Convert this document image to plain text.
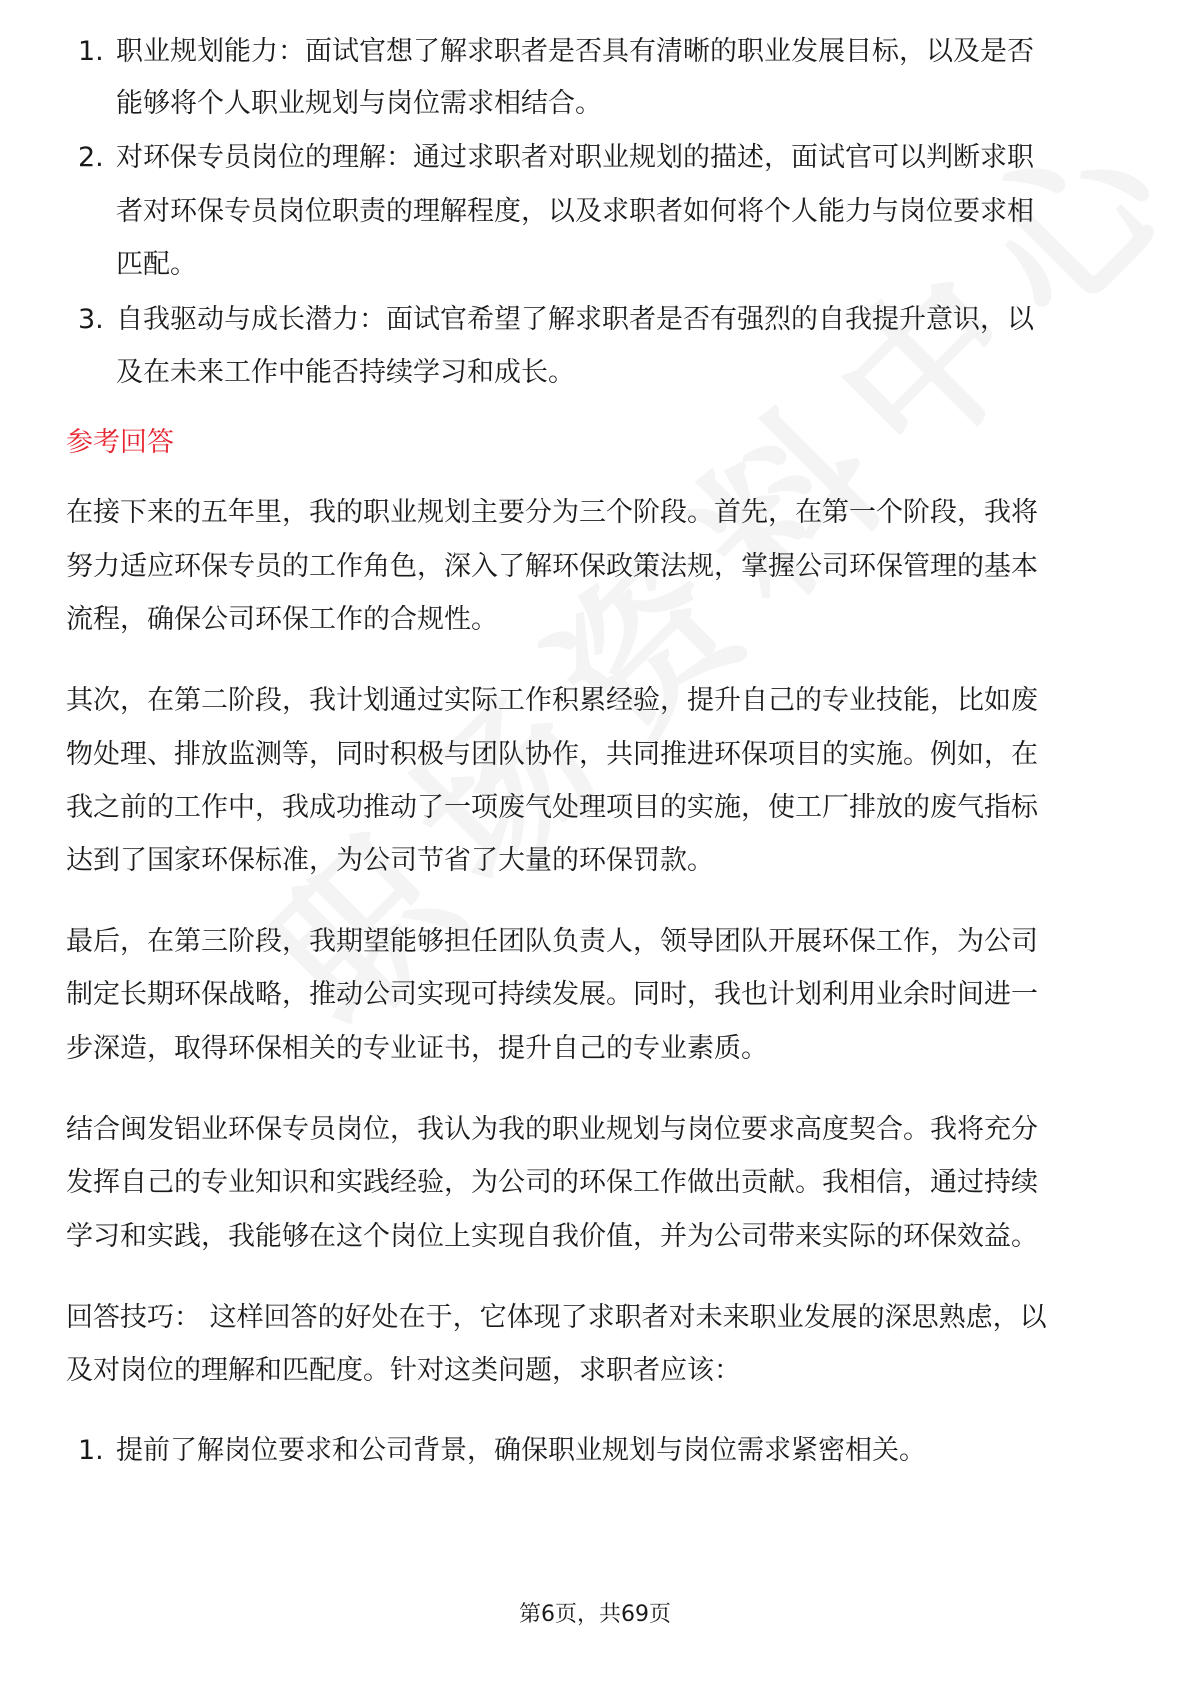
1. 职业规划能力：面试官想了解求职者是否具有清晰的职业发展目标，以及是否
能够将个人职业规划与岗位需求相结合。
2. 对环保专员岗位的理解：通过求职者对职业规划的描述，面试官可以判断求职
者对环保专员岗位职责的理解程度，以及求职者如何将个人能力与岗位要求相
匹配。
3. 自我驱动与成长潜力：面试官希望了解求职者是否有强烈的自我提升意识，以
及在未来工作中能否持续学习和成长。
参考回答
在接下来的五年里，我的职业规划主要分为三个阶段。首先，在第一个阶段，我将
努力适应环保专员的工作角色，深入了解环保政策法规，掌握公司环保管理的基本
流程，确保公司环保工作的合规性。
其次，在第二阶段，我计划通过实际工作积累经验，提升自己的专业技能，比如废
物处理、排放监测等，同时积极与团队协作，共同推进环保项目的实施。例如，在
我之前的工作中，我成功推动了一项废气处理项目的实施，使工厂排放的废气指标
达到了国家环保标准，为公司节省了大量的环保罚款。
最后，在第三阶段，我期望能够担任团队负责人，领导团队开展环保工作，为公司
制定长期环保战略，推动公司实现可持续发展。同时，我也计划利用业余时间进一
步深造，取得环保相关的专业证书，提升自己的专业素质。
结合闽发铝业环保专员岗位，我认为我的职业规划与岗位要求高度契合。我将充分
发挥自己的专业知识和实践经验，为公司的环保工作做出贡献。我相信，通过持续
学习和实践，我能够在这个岗位上实现自我价值，并为公司带来实际的环保效益。
回答技巧： 这样回答的好处在于，它体现了求职者对未来职业发展的深思熟虑，以
及对岗位的理解和匹配度。针对这类问题，求职者应该：
1. 提前了解岗位要求和公司背景，确保职业规划与岗位需求紧密相关。
第6页，共69页
